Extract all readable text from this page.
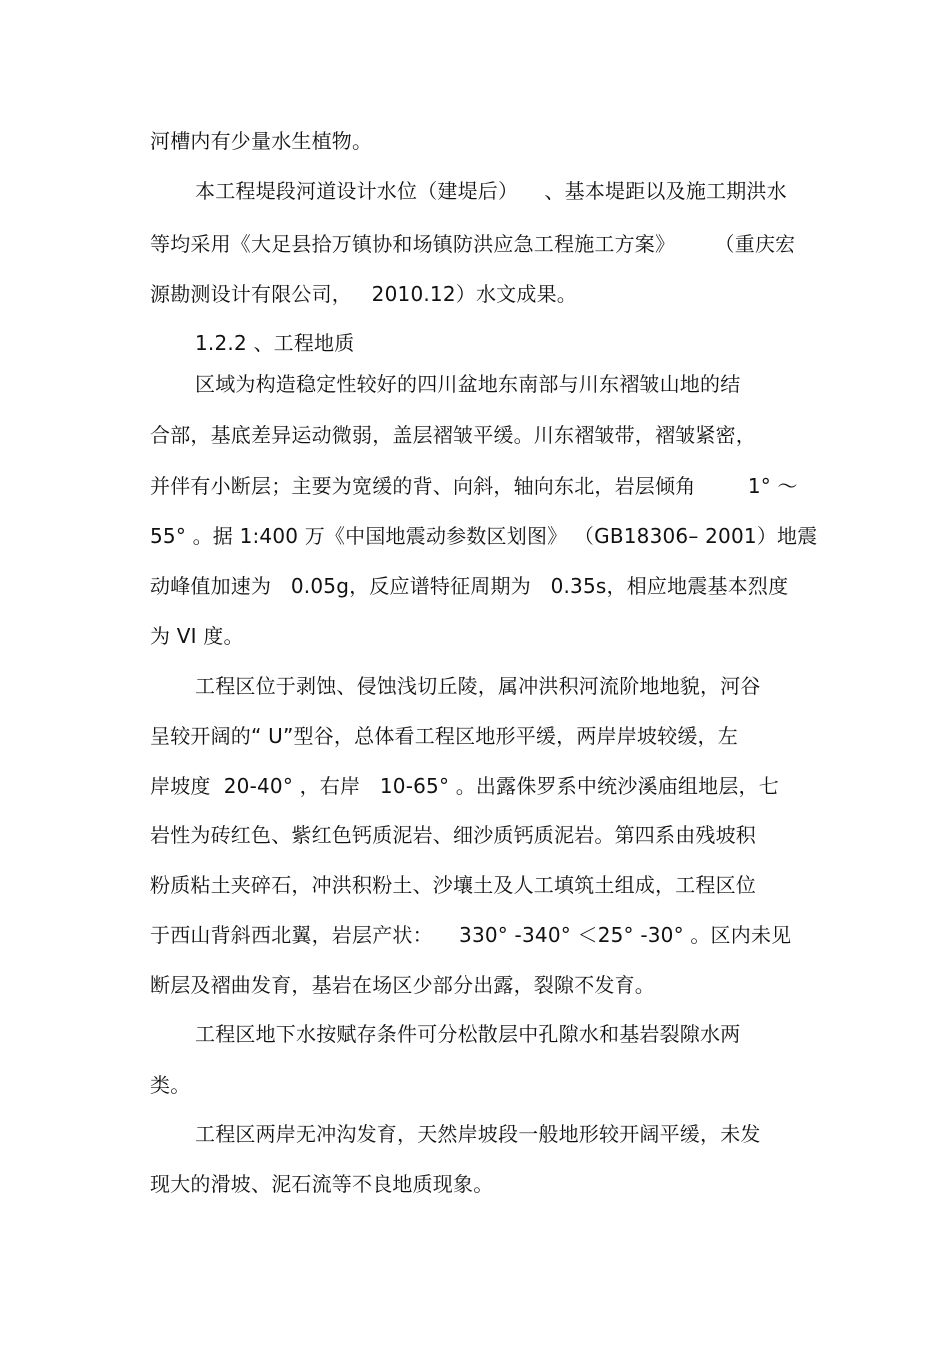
河槽内有少量水生植物。
本工程堤段河道设计水位（建堤后）    、基本堤距以及施工期洪水
等均采用《大足县拾万镇协和场镇防洪应急工程施工方案》      （重庆宏
源勘测设计有限公司，   2010.12）水文成果。
1.2.2 、工程地质
区域为构造稳定性较好的四川盆地东南部与川东褶皱山地的结
合部，基底差异运动微弱，盖层褶皱平缓。川东褶皱带，褶皱紧密，
并伴有小断层；主要为宽缓的背、向斜，轴向东北，岩层倾角        1° ～
55° 。据 1:400 万《中国地震动参数区划图》 （GB18306– 2001）地震
动峰值加速为   0.05g，反应谱特征周期为   0.35s，相应地震基本烈度
为 VI 度。
工程区位于剥蚀、侵蚀浅切丘陵，属冲洪积河流阶地地貌，河谷
呈较开阔的“ U”型谷，总体看工程区地形平缓，两岸岸坡较缓，左
岸坡度  20-40° ，右岸   10-65° 。出露侏罗系中统沙溪庙组地层，七
岩性为砖红色、紫红色钙质泥岩、细沙质钙质泥岩。第四系由残坡积
粉质粘土夹碎石，冲洪积粉土、沙壤土及人工填筑土组成，工程区位
于西山背斜西北翼，岩层产状：    330° -340° ＜25° -30° 。区内未见
断层及褶曲发育，基岩在场区少部分出露，裂隙不发育。
工程区地下水按赋存条件可分松散层中孔隙水和基岩裂隙水两
类。
工程区两岸无冲沟发育，天然岸坡段一般地形较开阔平缓，未发
现大的滑坡、泥石流等不良地质现象。
